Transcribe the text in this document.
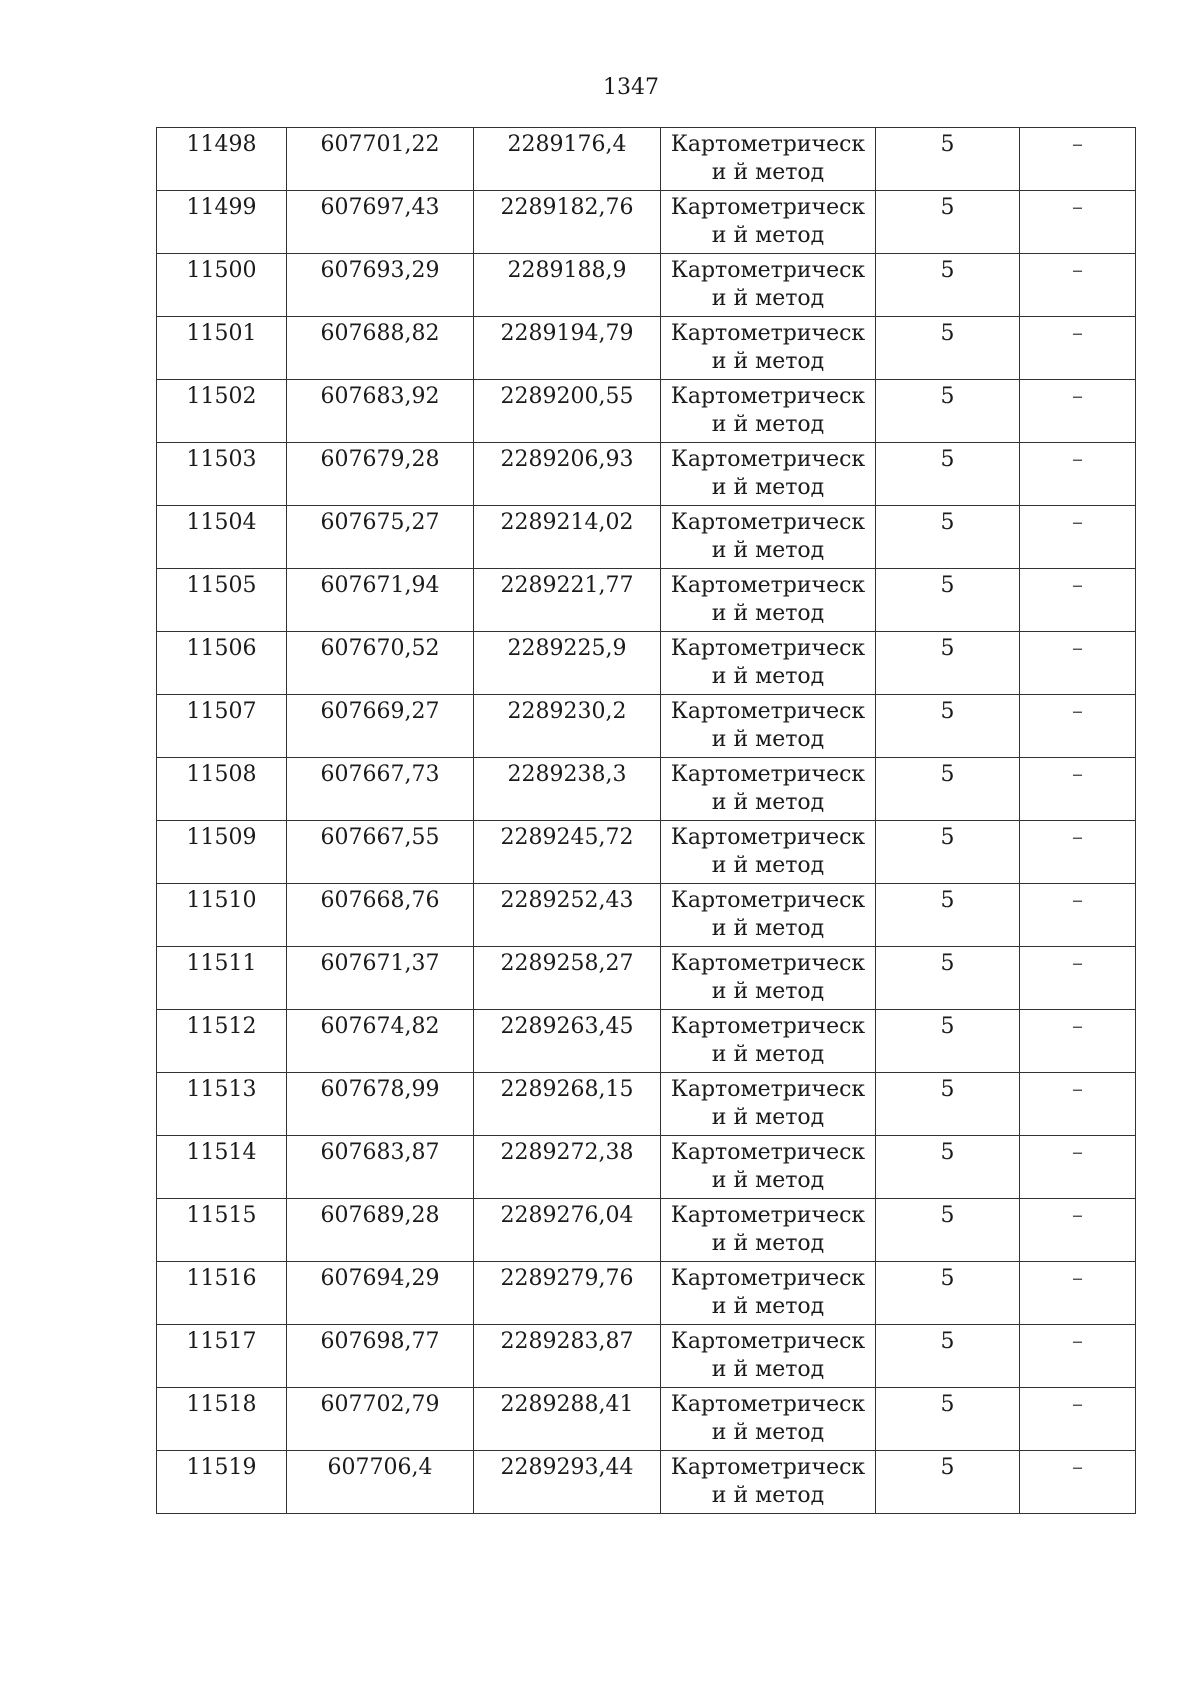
1347
11498	607701,22	2289176,4	Картометрически й метод	5	–

11499	607697,43	2289182,76	Картометрически й метод	5	–

11500	607693,29	2289188,9	Картометрически й метод	5	–

11501	607688,82	2289194,79	Картометрически й метод	5	–

11502	607683,92	2289200,55	Картометрически й метод	5	–

11503	607679,28	2289206,93	Картометрически й метод	5	–

11504	607675,27	2289214,02	Картометрически й метод	5	–

11505	607671,94	2289221,77	Картометрически й метод	5	–

11506	607670,52	2289225,9	Картометрически й метод	5	–

11507	607669,27	2289230,2	Картометрически й метод	5	–

11508	607667,73	2289238,3	Картометрически й метод	5	–

11509	607667,55	2289245,72	Картометрически й метод	5	–

11510	607668,76	2289252,43	Картометрически й метод	5	–

11511	607671,37	2289258,27	Картометрически й метод	5	–

11512	607674,82	2289263,45	Картометрически й метод	5	–

11513	607678,99	2289268,15	Картометрически й метод	5	–

11514	607683,87	2289272,38	Картометрически й метод	5	–

11515	607689,28	2289276,04	Картометрически й метод	5	–

11516	607694,29	2289279,76	Картометрически й метод	5	–

11517	607698,77	2289283,87	Картометрически й метод	5	–

11518	607702,79	2289288,41	Картометрически й метод	5	–

11519	607706,4	2289293,44	Картометрически й метод	5	–
